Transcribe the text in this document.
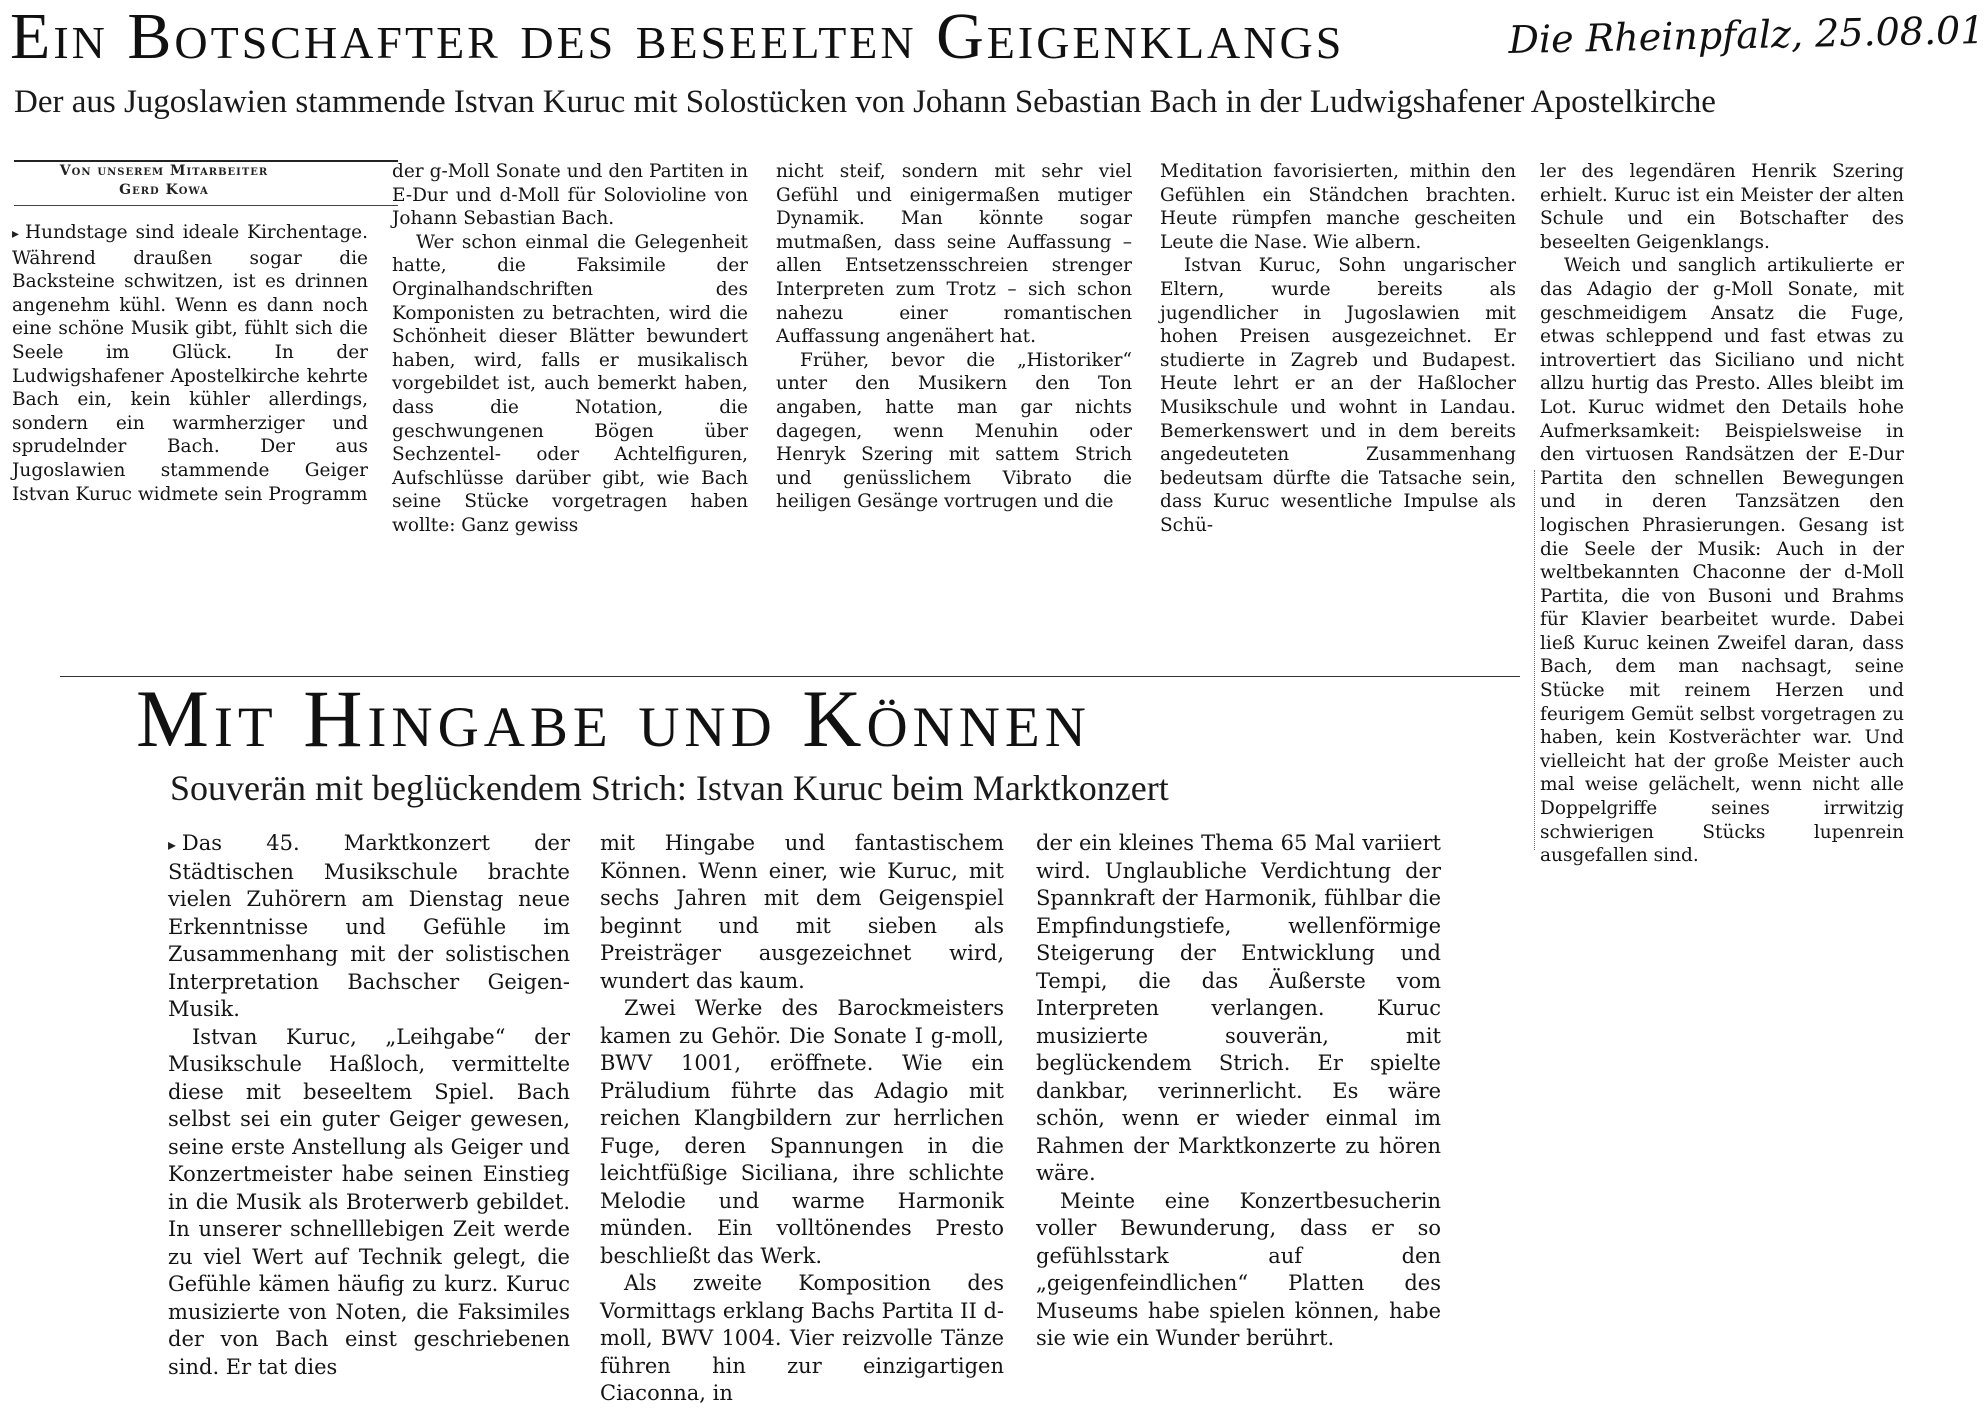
Ein Botschafter des beseelten Geigenklangs	Die Rheinpfalz, 25.08.01
Der aus Jugoslawien stammende Istvan Kuruc mit Solostücken von Johann Sebastian Bach in der Ludwigshafener Apostelkirche
Von unserem Mitarbeiter
Gerd Kowa

▸ Hundstage sind ideale Kirchentage. Während draußen sogar die Backsteine schwitzen, ist es drinnen angenehm kühl. Wenn es dann noch eine schöne Musik gibt, fühlt sich die Seele im Glück. In der Ludwigshafener Apostelkirche kehrte Bach ein, kein kühler allerdings, sondern ein warmherziger und sprudelnder Bach. Der aus Jugoslawien stammende Geiger Istvan Kuruc widmete sein Programm

der g-Moll Sonate und den Partiten in E-Dur und d-Moll für Solovioline von Johann Sebastian Bach.

Wer schon einmal die Gelegenheit hatte, die Faksimile der Orginalhandschriften des Komponisten zu betrachten, wird die Schönheit dieser Blätter bewundert haben, wird, falls er musikalisch vorgebildet ist, auch bemerkt haben, dass die Notation, die geschwungenen Bögen über Sechzentel- oder Achtelfiguren, Aufschlüsse darüber gibt, wie Bach seine Stücke vorgetragen haben wollte: Ganz gewiss

nicht steif, sondern mit sehr viel Gefühl und einigermaßen mutiger Dynamik. Man könnte sogar mutmaßen, dass seine Auffassung – allen Entsetzensschreien strenger Interpreten zum Trotz – sich schon nahezu einer romantischen Auffassung angenähert hat.

Früher, bevor die „Historiker“ unter den Musikern den Ton angaben, hatte man gar nichts dagegen, wenn Menuhin oder Henryk Szering mit sattem Strich und genüsslichem Vibrato die heiligen Gesänge vortrugen und die

Meditation favorisierten, mithin den Gefühlen ein Ständchen brachten. Heute rümpfen manche gescheiten Leute die Nase. Wie albern.

Istvan Kuruc, Sohn ungarischer Eltern, wurde bereits als jugendlicher in Jugoslawien mit hohen Preisen ausgezeichnet. Er studierte in Zagreb und Budapest. Heute lehrt er an der Haßlocher Musikschule und wohnt in Landau. Bemerkenswert und in dem bereits angedeuteten Zusammenhang bedeutsam dürfte die Tatsache sein, dass Kuruc wesentliche Impulse als Schü-

ler des legendären Henrik Szering erhielt. Kuruc ist ein Meister der alten Schule und ein Botschafter des beseelten Geigenklangs.

Weich und sanglich artikulierte er das Adagio der g-Moll Sonate, mit geschmeidigem Ansatz die Fuge, etwas schleppend und fast etwas zu introvertiert das Siciliano und nicht allzu hurtig das Presto. Alles bleibt im Lot. Kuruc widmet den Details hohe Aufmerksamkeit: Beispielsweise in den virtuosen Randsätzen der E-Dur Partita den schnellen Bewegungen und in deren Tanzsätzen den logischen Phrasierungen. Gesang ist die Seele der Musik: Auch in der weltbekannten Chaconne der d-Moll Partita, die von Busoni und Brahms für Klavier bearbeitet wurde. Dabei ließ Kuruc keinen Zweifel daran, dass Bach, dem man nachsagt, seine Stücke mit reinem Herzen und feurigem Gemüt selbst vorgetragen zu haben, kein Kostverächter war. Und vielleicht hat der große Meister auch mal weise gelächelt, wenn nicht alle Doppelgriffe seines irrwitzig schwierigen Stücks lupenrein ausgefallen sind.

Mit Hingabe und Können
Souverän mit beglückendem Strich: Istvan Kuruc beim Marktkonzert

▸ Das 45. Marktkonzert der Städtischen Musikschule brachte vielen Zuhörern am Dienstag neue Erkenntnisse und Gefühle im Zusammenhang mit der solistischen Interpretation Bachscher Geigen-Musik.

Istvan Kuruc, „Leihgabe“ der Musikschule Haßloch, vermittelte diese mit beseeltem Spiel. Bach selbst sei ein guter Geiger gewesen, seine erste Anstellung als Geiger und Konzertmeister habe seinen Einstieg in die Musik als Broterwerb gebildet. In unserer schnelllebigen Zeit werde zu viel Wert auf Technik gelegt, die Gefühle kämen häufig zu kurz. Kuruc musizierte von Noten, die Faksimiles der von Bach einst geschriebenen sind. Er tat dies

mit Hingabe und fantastischem Können. Wenn einer, wie Kuruc, mit sechs Jahren mit dem Geigenspiel beginnt und mit sieben als Preisträger ausgezeichnet wird, wundert das kaum.

Zwei Werke des Barockmeisters kamen zu Gehör. Die Sonate I g-moll, BWV 1001, eröffnete. Wie ein Präludium führte das Adagio mit reichen Klangbildern zur herrlichen Fuge, deren Spannungen in die leichtfüßige Siciliana, ihre schlichte Melodie und warme Harmonik münden. Ein volltönendes Presto beschließt das Werk.

Als zweite Komposition des Vormittags erklang Bachs Partita II d-moll, BWV 1004. Vier reizvolle Tänze führen hin zur einzigartigen Ciaconna, in

der ein kleines Thema 65 Mal variiert wird. Unglaubliche Verdichtung der Spannkraft der Harmonik, fühlbar die Empfindungstiefe, wellenförmige Steigerung der Entwicklung und Tempi, die das Äußerste vom Interpreten verlangen. Kuruc musizierte souverän, mit beglückendem Strich. Er spielte dankbar, verinnerlicht. Es wäre schön, wenn er wieder einmal im Rahmen der Marktkonzerte zu hören wäre.

Meinte eine Konzertbesucherin voller Bewunderung, dass er so gefühlsstark auf den „geigenfeindlichen“ Platten des Museums habe spielen können, habe sie wie ein Wunder berührt.
